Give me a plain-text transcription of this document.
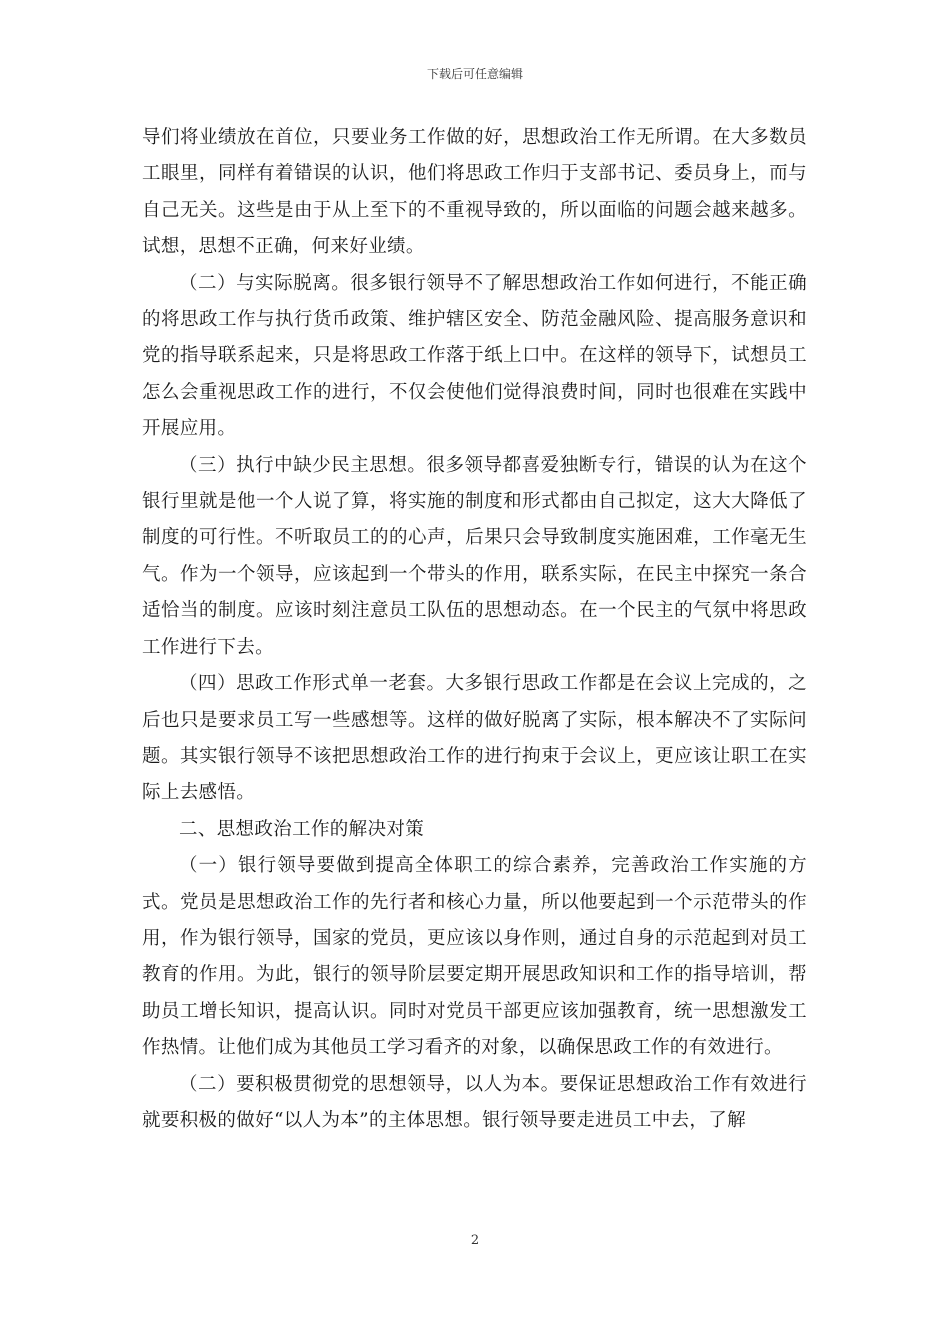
下载后可任意编辑

导们将业绩放在首位，只要业务工作做的好，思想政治工作无所谓。在大多数员工眼里，同样有着错误的认识，他们将思政工作归于支部书记、委员身上，而与自己无关。这些是由于从上至下的不重视导致的，所以面临的问题会越来越多。试想，思想不正确，何来好业绩。

（二）与实际脱离。很多银行领导不了解思想政治工作如何进行，不能正确的将思政工作与执行货币政策、维护辖区安全、防范金融风险、提高服务意识和党的指导联系起来，只是将思政工作落于纸上口中。在这样的领导下，试想员工怎么会重视思政工作的进行，不仅会使他们觉得浪费时间，同时也很难在实践中开展应用。

（三）执行中缺少民主思想。很多领导都喜爱独断专行，错误的认为在这个银行里就是他一个人说了算，将实施的制度和形式都由自己拟定，这大大降低了制度的可行性。不听取员工的的心声，后果只会导致制度实施困难，工作毫无生气。作为一个领导，应该起到一个带头的作用，联系实际，在民主中探究一条合适恰当的制度。应该时刻注意员工队伍的思想动态。在一个民主的气氛中将思政工作进行下去。

（四）思政工作形式单一老套。大多银行思政工作都是在会议上完成的，之后也只是要求员工写一些感想等。这样的做好脱离了实际，根本解决不了实际问题。其实银行领导不该把思想政治工作的进行拘束于会议上，更应该让职工在实际上去感悟。

二、思想政治工作的解决对策

（一）银行领导要做到提高全体职工的综合素养，完善政治工作实施的方式。党员是思想政治工作的先行者和核心力量，所以他要起到一个示范带头的作用，作为银行领导，国家的党员，更应该以身作则，通过自身的示范起到对员工教育的作用。为此，银行的领导阶层要定期开展思政知识和工作的指导培训，帮助员工增长知识，提高认识。同时对党员干部更应该加强教育，统一思想激发工作热情。让他们成为其他员工学习看齐的对象，以确保思政工作的有效进行。

（二）要积极贯彻党的思想领导，以人为本。要保证思想政治工作有效进行就要积极的做好“以人为本”的主体思想。银行领导要走进员工中去，了解

2
